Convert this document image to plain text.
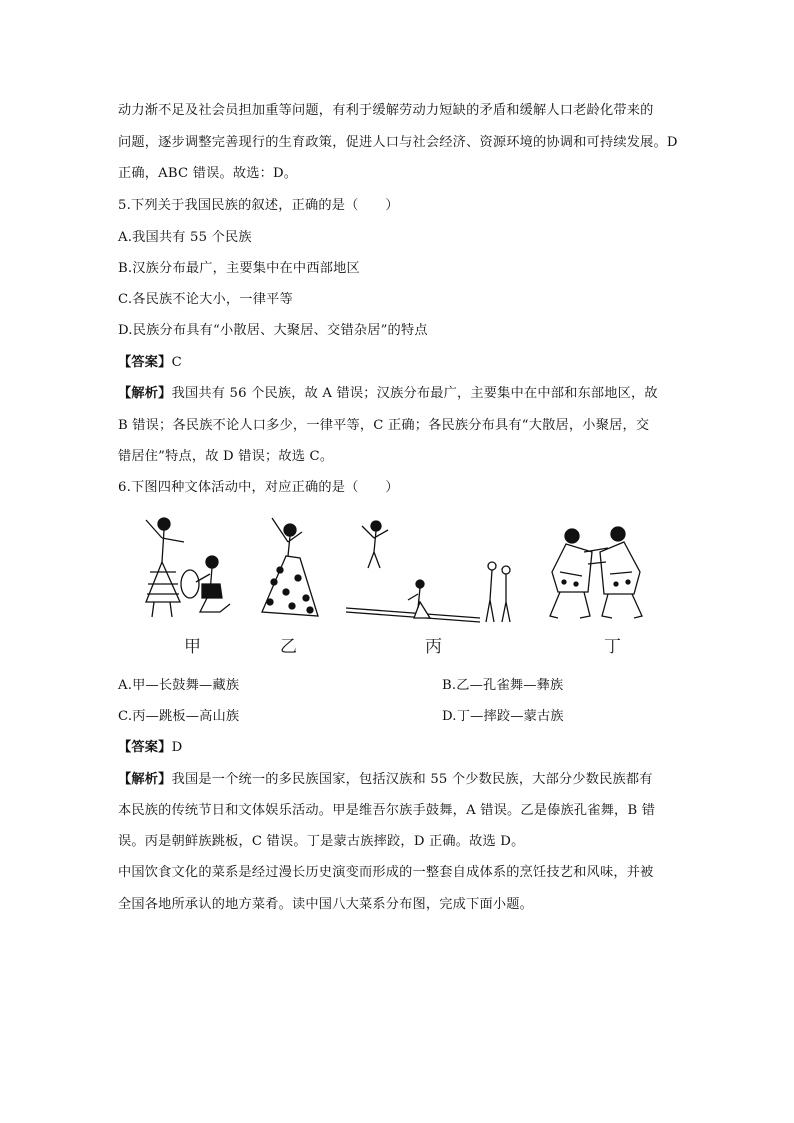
动力渐不足及社会员担加重等问题，有利于缓解劳动力短缺的矛盾和缓解人口老龄化带来的
问题，逐步调整完善现行的生育政策，促进人口与社会经济、资源环境的协调和可持续发展。D
正确，ABC 错误。故选：D。
5.下列关于我国民族的叙述，正确的是（　　）
A.我国共有 55 个民族
B.汉族分布最广，主要集中在中西部地区
C.各民族不论大小，一律平等
D.民族分布具有“小散居、大聚居、交错杂居”的特点
【答案】C
【解析】我国共有 56 个民族，故 A 错误；汉族分布最广，主要集中在中部和东部地区，故
B 错误；各民族不论人口多少，一律平等，C 正确；各民族分布具有“大散居，小聚居，交
错居住”特点，故 D 错误；故选 C。
6.下图四种文体活动中，对应正确的是（　　）
甲	乙	丙	丁
A.甲—长鼓舞—藏族	B.乙—孔雀舞—彝族
C.丙—跳板—高山族	D.丁—摔跤—蒙古族
【答案】D
【解析】我国是一个统一的多民族国家，包括汉族和 55 个少数民族，大部分少数民族都有
本民族的传统节日和文体娱乐活动。甲是维吾尔族手鼓舞，A 错误。乙是傣族孔雀舞，B 错
误。丙是朝鲜族跳板，C 错误。丁是蒙古族摔跤，D 正确。故选 D。
中国饮食文化的菜系是经过漫长历史演变而形成的一整套自成体系的烹饪技艺和风味，并被
全国各地所承认的地方菜肴。读中国八大菜系分布图，完成下面小题。
